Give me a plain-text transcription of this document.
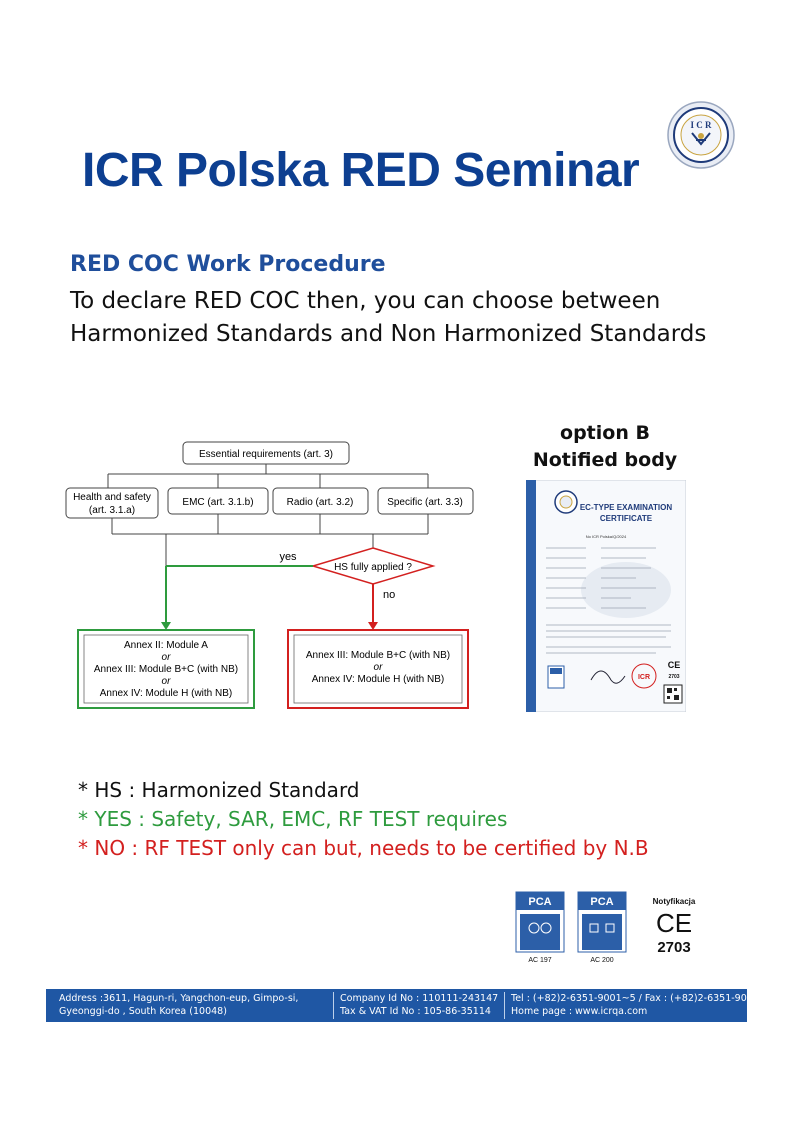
ICR Polska RED Seminar
I C R
RED COC Work Procedure
To declare RED COC then, you can choose between
Harmonized Standards and Non Harmonized Standards
Essential requirements (art. 3)
Health and safety
(art. 3.1.a)
EMC (art. 3.1.b)	Radio (art. 3.2)	Specific (art. 3.3)
HS fully applied ?
yes
no
Annex II: Module A
or
Annex III: Module B+C (with NB)
or
Annex IV: Module H (with NB)
Annex III: Module B+C (with NB)
or
Annex IV: Module H (with NB)
option B
Notified body
EC-TYPE EXAMINATION
CERTIFICATE
No ICR Polska/Q/2024
ICR
CE
2703
* HS : Harmonized Standard
* YES : Safety, SAR, EMC, RF TEST requires
* NO : RF TEST only can but, needs to be certified by N.B
PCA
AC 197
PCA
AC 200
Notyfikacja
CE
2703
Address :3611, Hagun-ri, Yangchon-eup, Gimpo-si,
Gyeonggi-do , South Korea (10048)
Company Id No : 110111-243147
Tax & VAT Id No : 105-86-35114
Tel : (+82)2-6351-9001~5 / Fax : (+82)2-6351-9007
Home page : www.icrqa.com
